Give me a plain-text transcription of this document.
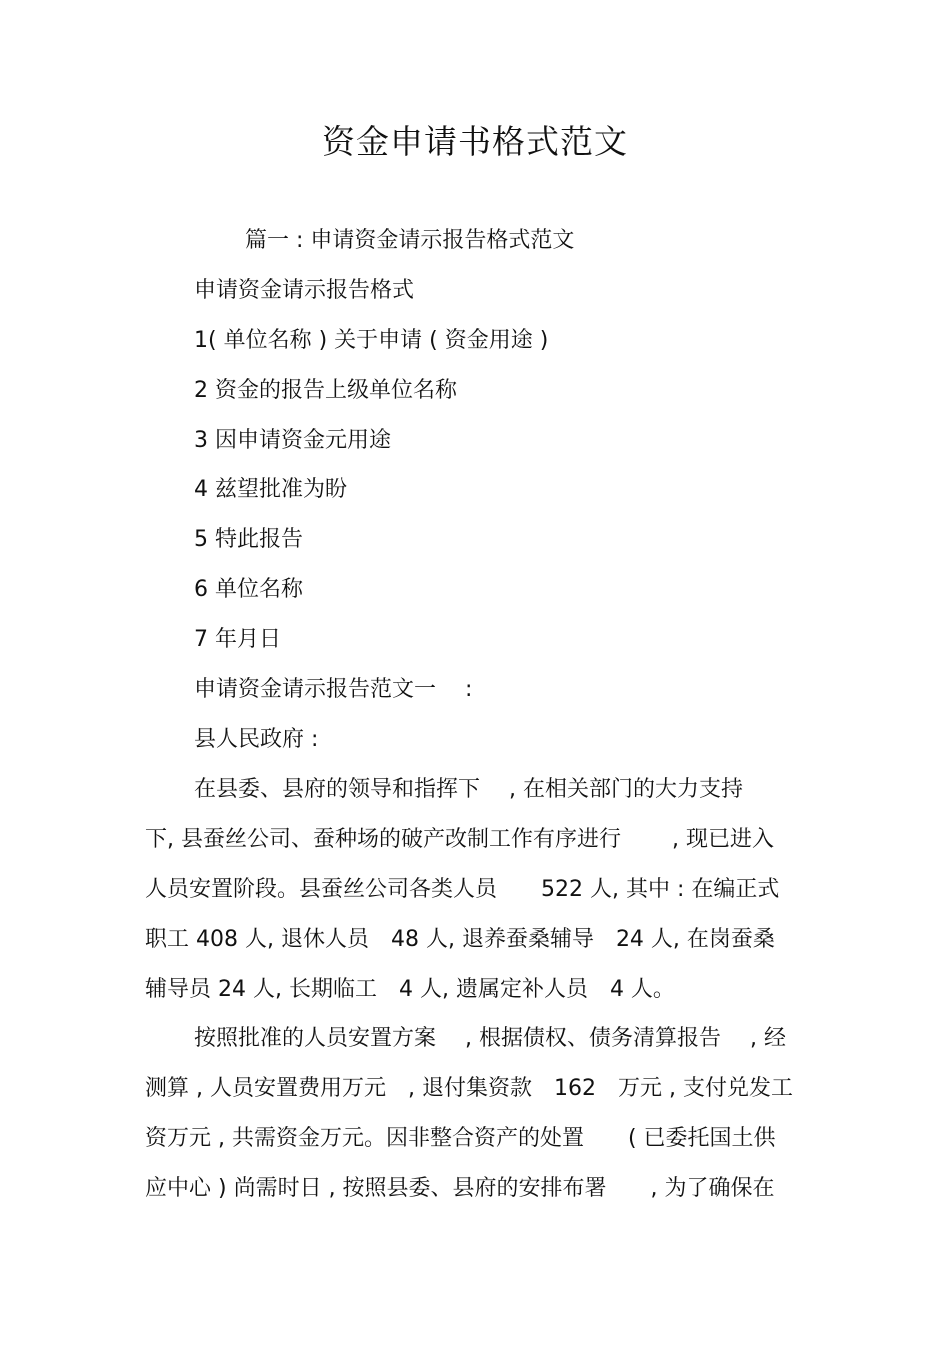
资金申请书格式范文

篇一 : 申请资金请示报告格式范文

申请资金请示报告格式

1( 单位名称 ) 关于申请 ( 资金用途 )

2 资金的报告上级单位名称

3 因申请资金元用途

4 兹望批准为盼

5 特此报告

6 单位名称

7 年月日

申请资金请示报告范文一　 :

县人民政府 :

在县委、县府的领导和指挥下　 , 在相关部门的大力支持

下, 县蚕丝公司、蚕种场的破产改制工作有序进行　　 , 现已进入

人员安置阶段。县蚕丝公司各类人员　　522 人, 其中 : 在编正式

职工 408 人, 退休人员　48 人, 退养蚕桑辅导　24 人, 在岗蚕桑

辅导员 24 人, 长期临工　4 人, 遗属定补人员　4 人。

按照批准的人员安置方案　 , 根据债权、债务清算报告　 , 经

测算 , 人员安置费用万元　, 退付集资款　162　万元 , 支付兑发工

资万元 , 共需资金万元。因非整合资产的处置　　( 已委托国土供

应中心 ) 尚需时日 , 按照县委、县府的安排布署　　, 为了确保在
